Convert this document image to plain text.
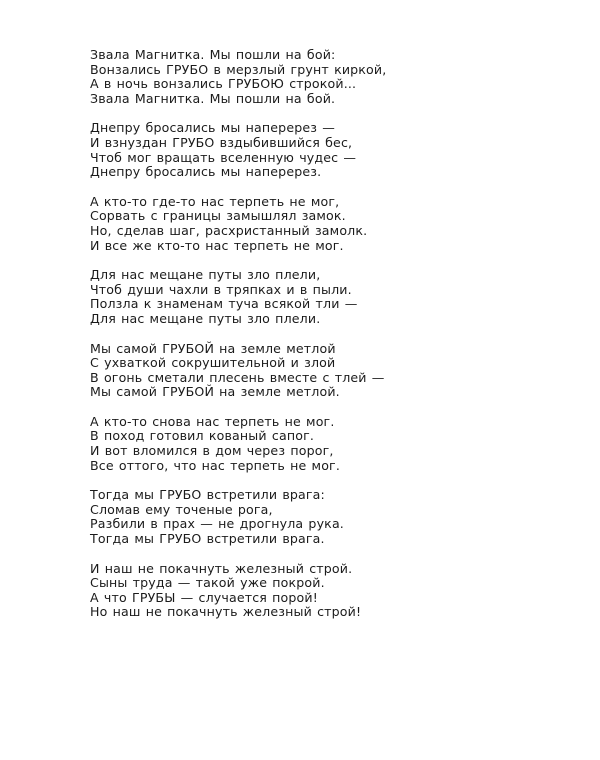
Звала Магнитка. Мы пошли на бой:
Вонзались ГРУБО в мерзлый грунт киркой,
А в ночь вонзались ГРУБОЮ строкой...
Звала Магнитка. Мы пошли на бой.
Днепру бросались мы наперерез —
И взнуздан ГРУБО вздыбившийся бес,
Чтоб мог вращать вселенную чудес —
Днепру бросались мы наперерез.
А кто-то где-то нас терпеть не мог,
Сорвать с границы замышлял замок.
Но, сделав шаг, расхристанный замолк.
И все же кто-то нас терпеть не мог.
Для нас мещане путы зло плели,
Чтоб души чахли в тряпках и в пыли.
Ползла к знаменам туча всякой тли —
Для нас мещане путы зло плели.
Мы самой ГРУБОЙ на земле метлой
С ухваткой сокрушительной и злой
В огонь сметали плесень вместе с тлей —
Мы самой ГРУБОЙ на земле метлой.
А кто-то снова нас терпеть не мог.
В поход готовил кованый сапог.
И вот вломился в дом через порог,
Все оттого, что нас терпеть не мог.
Тогда мы ГРУБО встретили врага:
Сломав ему точеные рога,
Разбили в прах — не дрогнула рука.
Тогда мы ГРУБО встретили врага.
И наш не покачнуть железный строй.
Сыны труда — такой уже покрой.
А что ГРУБЫ — случается порой!
Но наш не покачнуть железный строй!
